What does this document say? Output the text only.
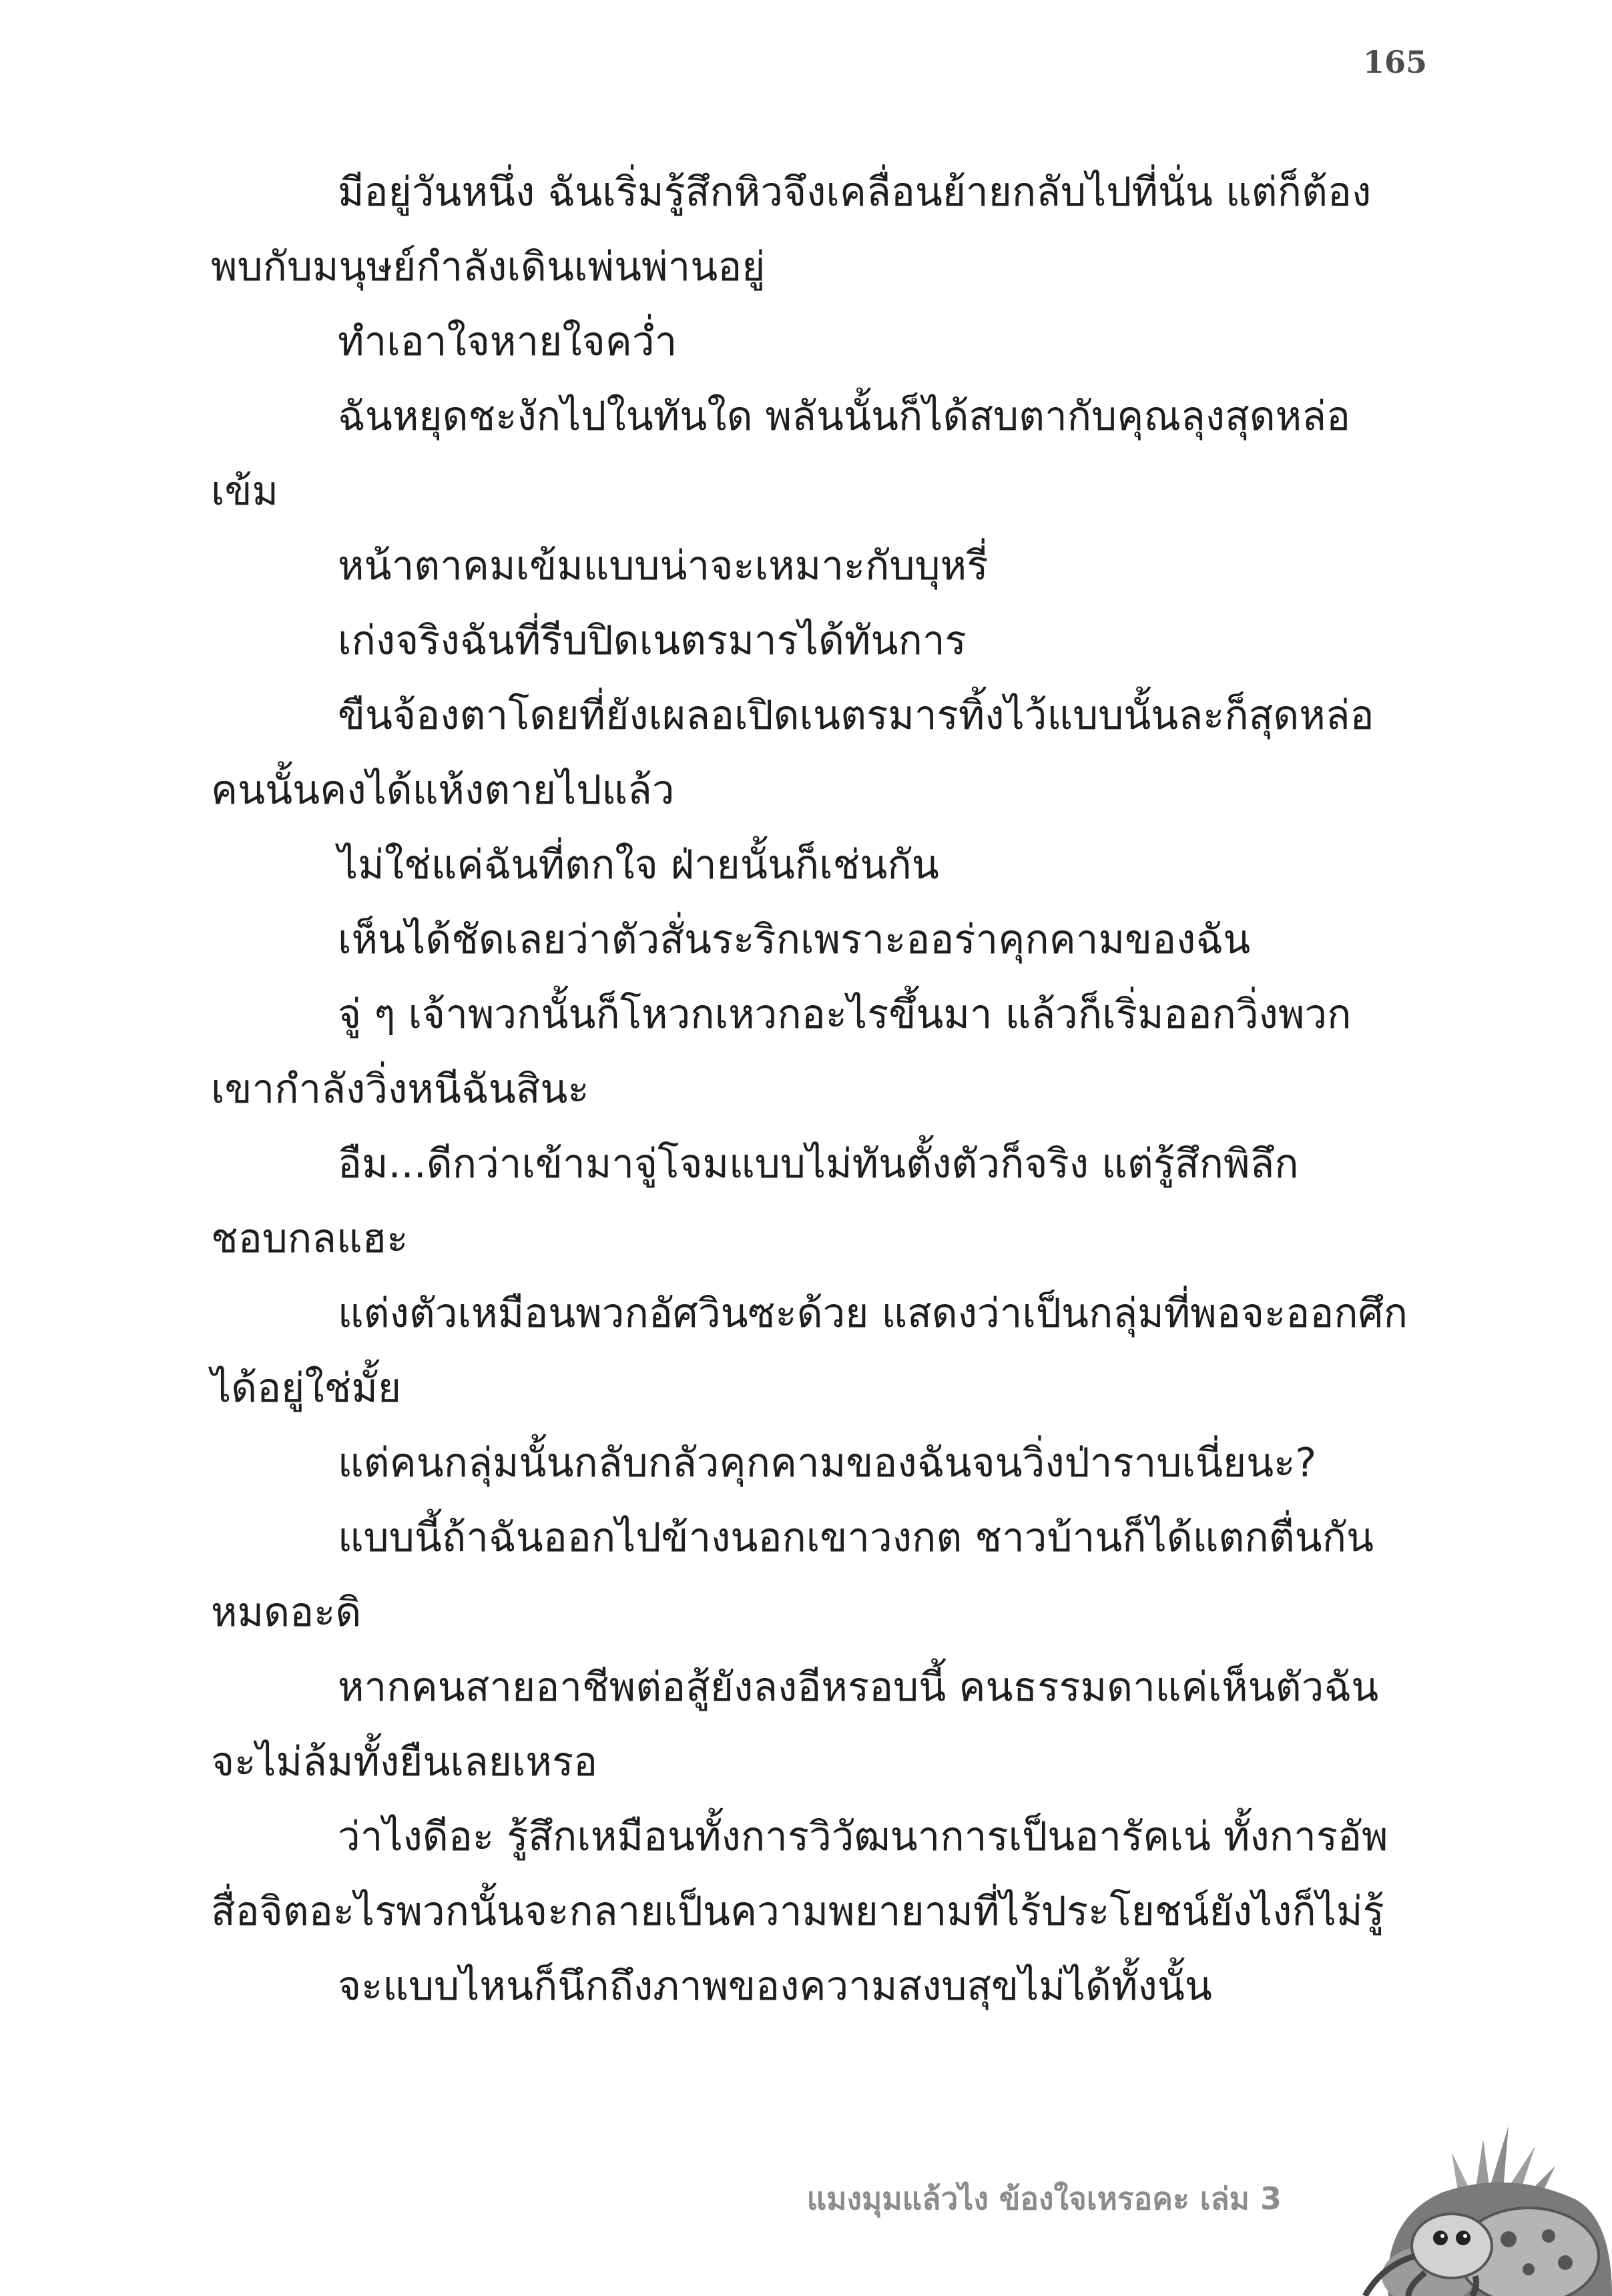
165

มีอยู่วันหนึ่ง ฉันเริ่มรู้สึกหิวจึงเคลื่อนย้ายกลับไปที่นั่น แต่ก็ต้องพบกับมนุษย์กำลังเดินเพ่นพ่านอยู่

ทำเอาใจหายใจคว่ำ

ฉันหยุดชะงักไปในทันใด พลันนั้นก็ได้สบตากับคุณลุงสุดหล่อเข้ม

หน้าตาคมเข้มแบบน่าจะเหมาะกับบุหรี่

เก่งจริงฉันที่รีบปิดเนตรมารได้ทันการ

ขืนจ้องตาโดยที่ยังเผลอเปิดเนตรมารทิ้งไว้แบบนั้นละก็สุดหล่อคนนั้นคงได้แห้งตายไปแล้ว

ไม่ใช่แค่ฉันที่ตกใจ ฝ่ายนั้นก็เช่นกัน

เห็นได้ชัดเลยว่าตัวสั่นระริกเพราะออร่าคุกคามของฉัน

จู่ ๆ เจ้าพวกนั้นก็โหวกเหวกอะไรขึ้นมา แล้วก็เริ่มออกวิ่งพวกเขากำลังวิ่งหนีฉันสินะ

อืม...ดีกว่าเข้ามาจู่โจมแบบไม่ทันตั้งตัวก็จริง แต่รู้สึกพิลึกชอบกลแฮะ

แต่งตัวเหมือนพวกอัศวินซะด้วย แสดงว่าเป็นกลุ่มที่พอจะออกศึกได้อยู่ใช่มั้ย

แต่คนกลุ่มนั้นกลับกลัวคุกคามของฉันจนวิ่งป่าราบเนี่ยนะ?

แบบนี้ถ้าฉันออกไปข้างนอกเขาวงกต ชาวบ้านก็ได้แตกตื่นกันหมดอะดิ

หากคนสายอาชีพต่อสู้ยังลงอีหรอบนี้ คนธรรมดาแค่เห็นตัวฉันจะไม่ล้มทั้งยืนเลยเหรอ

ว่าไงดีอะ รู้สึกเหมือนทั้งการวิวัฒนาการเป็นอารัคเน่ ทั้งการอัพสื่อจิตอะไรพวกนั้นจะกลายเป็นความพยายามที่ไร้ประโยชน์ยังไงก็ไม่รู้

จะแบบไหนก็นึกถึงภาพของความสงบสุขไม่ได้ทั้งนั้น

แมงมุมแล้วไง ข้องใจเหรอคะ เล่ม 3
